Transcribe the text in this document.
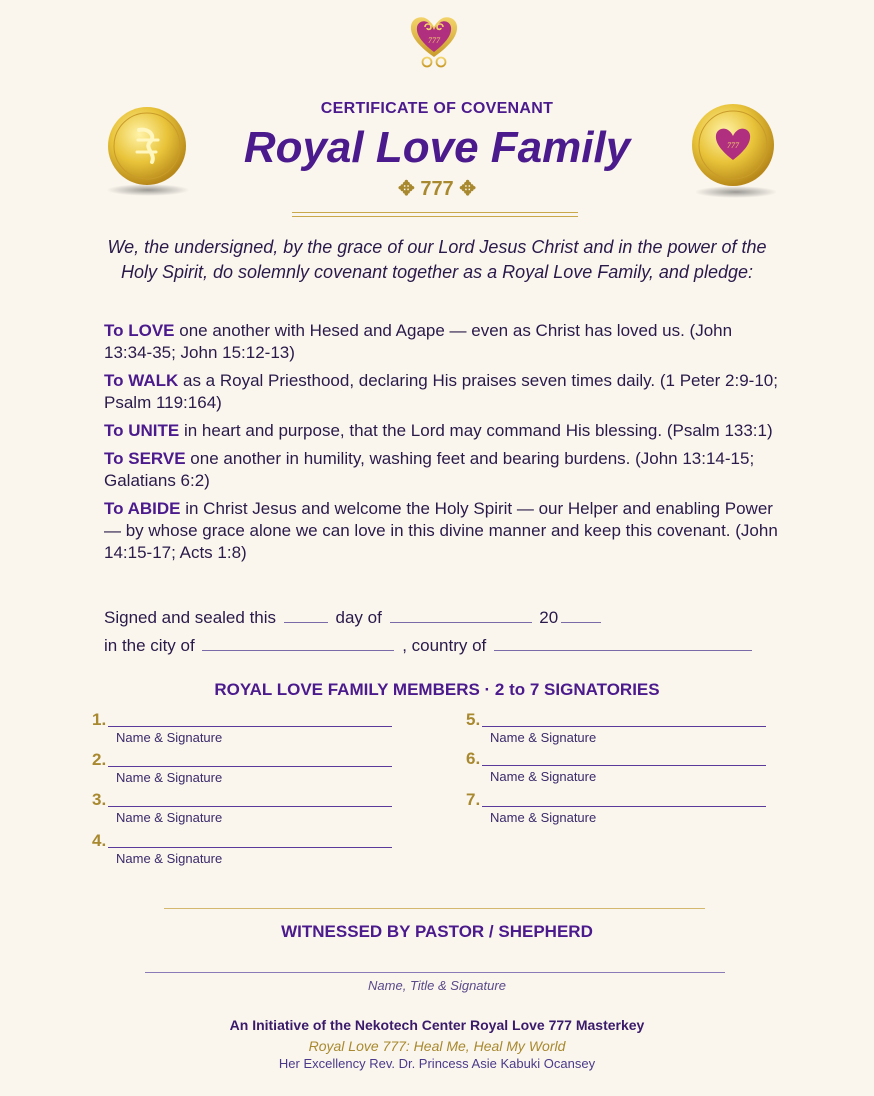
777
777
CERTIFICATE OF COVENANT
Royal Love Family
✥ 777 ✥
We, the undersigned, by the grace of our Lord Jesus Christ and in the power of the Holy Spirit, do solemnly covenant together as a Royal Love Family, and pledge:
To LOVE one another with Hesed and Agape — even as Christ has loved us. (John 13:34-35; John 15:12-13)
To WALK as a Royal Priesthood, declaring His praises seven times daily. (1 Peter 2:9-10; Psalm 119:164)
To UNITE in heart and purpose, that the Lord may command His blessing. (Psalm 133:1)
To SERVE one another in humility, washing feet and bearing burdens. (John 13:14-15; Galatians 6:2)
To ABIDE in Christ Jesus and welcome the Holy Spirit — our Helper and enabling Power — by whose grace alone we can love in this divine manner and keep this covenant. (John 14:15-17; Acts 1:8)
Signed and sealed this	day of	20
in the city of	, country of
ROYAL LOVE FAMILY MEMBERS · 2 to 7 SIGNATORIES
1.
Name & Signature
2.
Name & Signature
3.
Name & Signature
4.
Name & Signature
5.
Name & Signature
6.
Name & Signature
7.
Name & Signature
WITNESSED BY PASTOR / SHEPHERD
Name, Title & Signature
An Initiative of the Nekotech Center Royal Love 777 Masterkey
Royal Love 777: Heal Me, Heal My World
Her Excellency Rev. Dr. Princess Asie Kabuki Ocansey
